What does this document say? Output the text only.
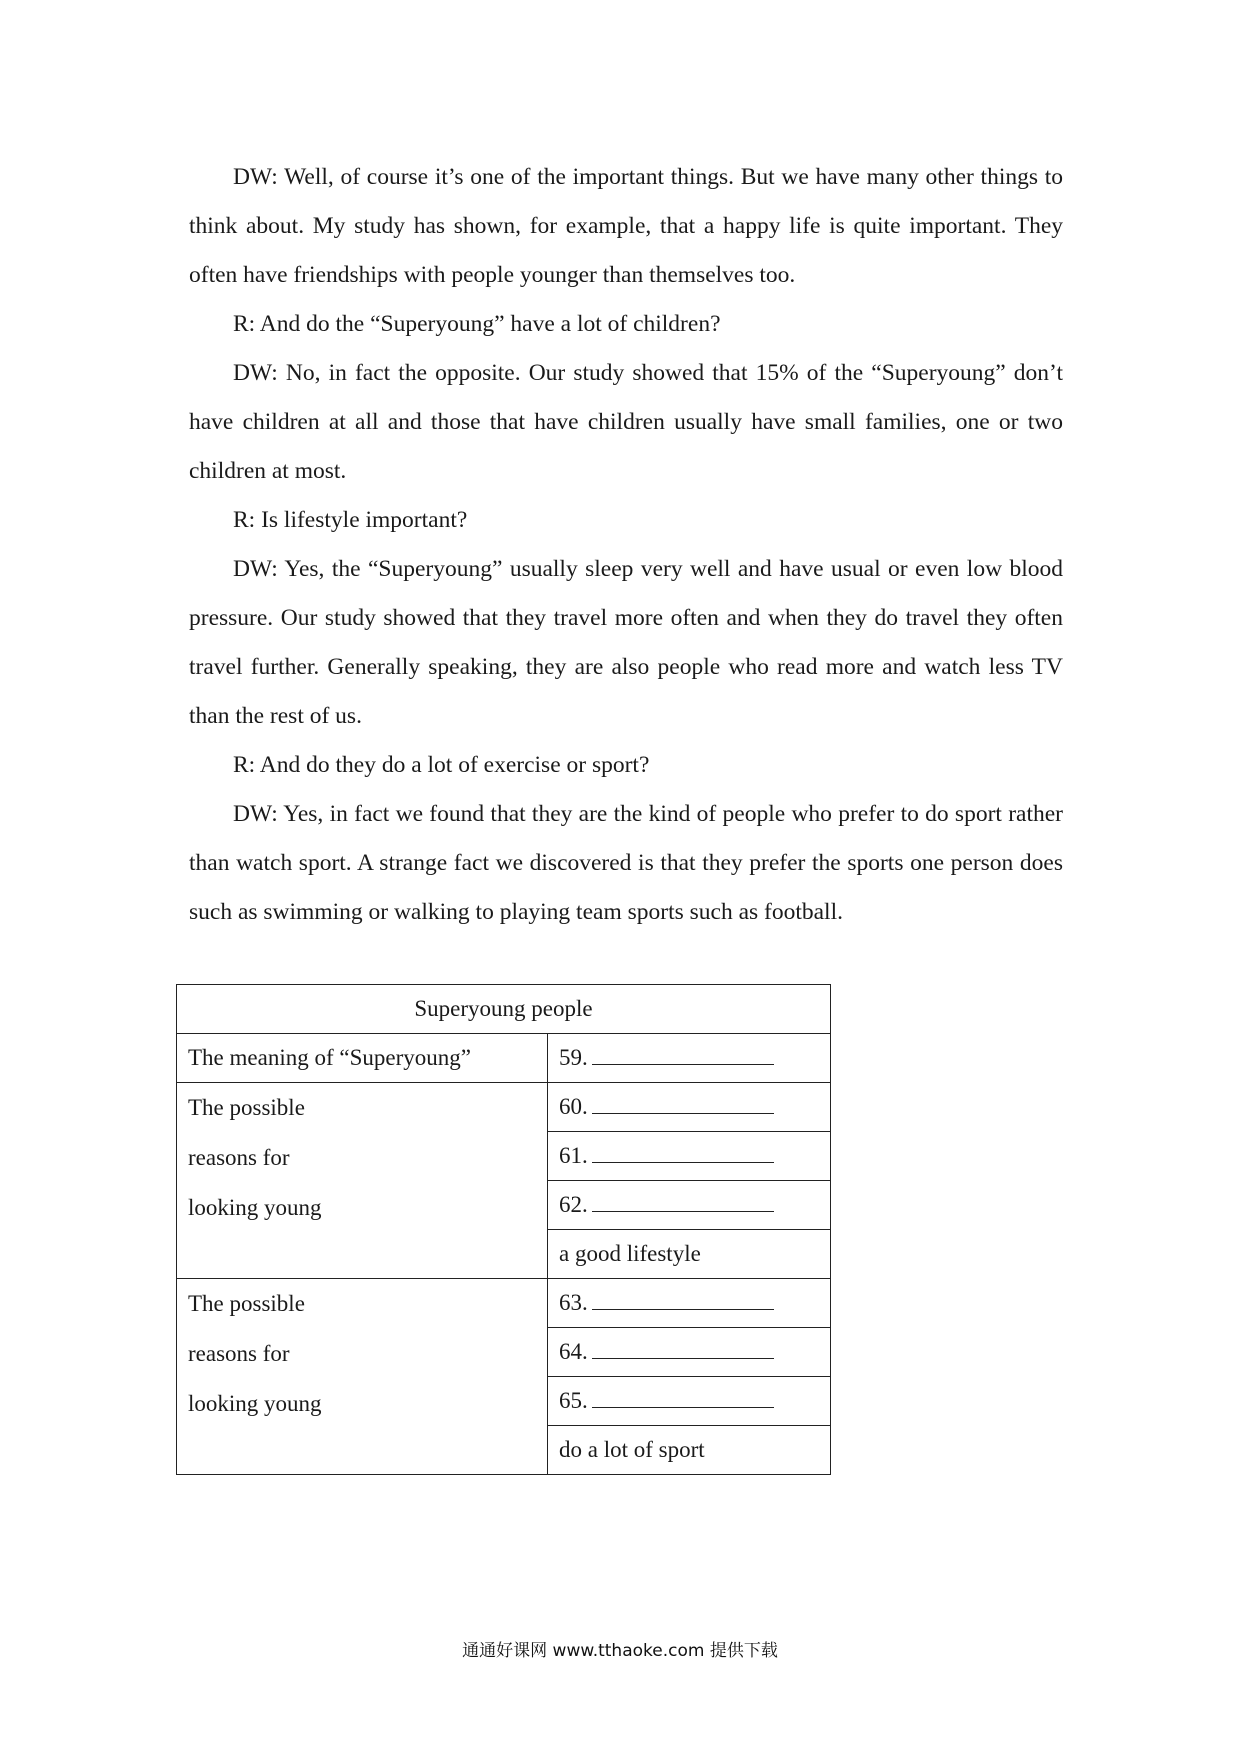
DW: Well, of course it’s one of the important things. But we have many other things to think about. My study has shown, for example, that a happy life is quite important. They often have friendships with people younger than themselves too.

R: And do the “Superyoung” have a lot of children?

DW: No, in fact the opposite. Our study showed that 15% of the “Superyoung” don’t have children at all and those that have children usually have small families, one or two children at most.

R: Is lifestyle important?

DW: Yes, the “Superyoung” usually sleep very well and have usual or even low blood pressure. Our study showed that they travel more often and when they do travel they often travel further. Generally speaking, they are also people who read more and watch less TV than the rest of us.

R: And do they do a lot of exercise or sport?

DW: Yes, in fact we found that they are the kind of people who prefer to do sport rather than watch sport. A strange fact we discovered is that they prefer the sports one person does such as swimming or walking to playing team sports such as football.

Superyoung people	
The meaning of “Superyoung”	59.

The possible
reasons for
looking young	60.
	61.
	62.
	a good lifestyle

The possible
reasons for
looking young	63.
	64.
	65.
	do a lot of sport
通通好课网 www.tthaoke.com 提供下载
